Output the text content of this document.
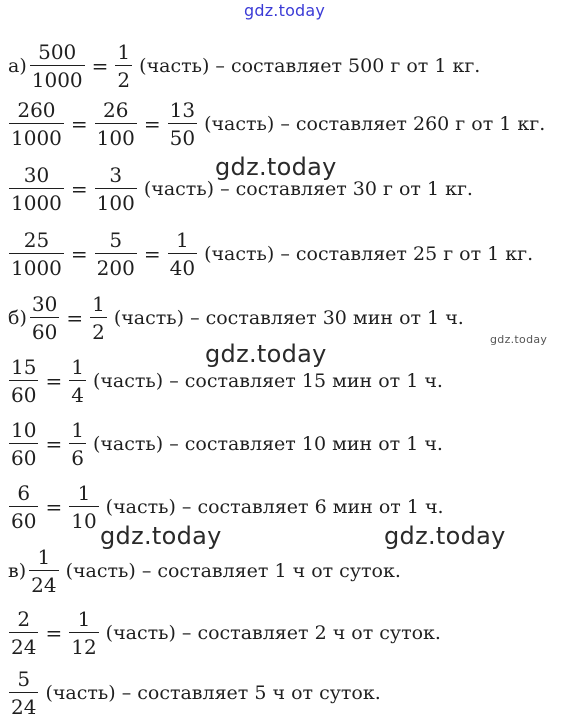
gdz.today
$а) \frac{500}{1000} = \frac{1}{2}$ (часть) – составляет 500 г от 1 кг.
$\frac{260}{1000} = \frac{26}{100} = \frac{13}{50}$ (часть) – составляет 260 г от 1 кг.
$\frac{30}{1000} = \frac{3}{100}$ (часть) – составляет 30 г от 1 кг.
$\frac{25}{1000} = \frac{5}{200} = \frac{1}{40}$ (часть) – составляет 25 г от 1 кг.
$б) \frac{30}{60} = \frac{1}{2}$ (часть) – составляет 30 мин от 1 ч.
$\frac{15}{60} = \frac{1}{4}$ (часть) – составляет 15 мин от 1 ч.
$\frac{10}{60} = \frac{1}{6}$ (часть) – составляет 10 мин от 1 ч.
$\frac{6}{60} = \frac{1}{10}$ (часть) – составляет 6 мин от 1 ч.
$в) \frac{1}{24}$ (часть) – составляет 1 ч от суток.
$\frac{2}{24} = \frac{1}{12}$ (часть) – составляет 2 ч от суток.
$\frac{5}{24}$ (часть) – составляет 5 ч от суток.
gdz.today
gdz.today
gdz.today
gdz.today	gdz.today
